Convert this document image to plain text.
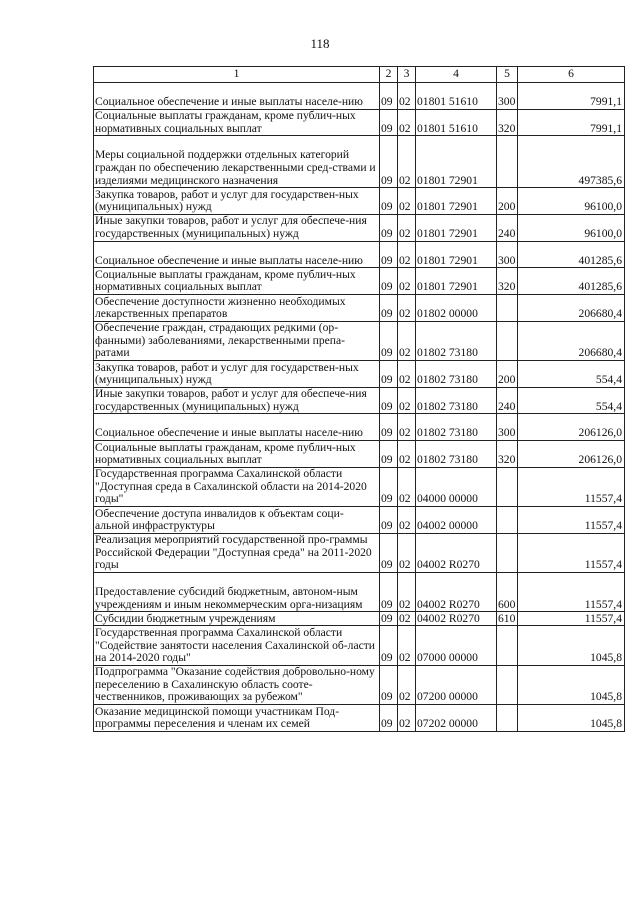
118
1	2	3	4	5	6
Социальное обеспечение и иные выплаты населе-нию	09	02	01801 51610	300	7991,1
Социальные выплаты гражданам, кроме публич-ных нормативных социальных выплат	09	02	01801 51610	320	7991,1
Меры социальной поддержки отдельных категорий граждан по обеспечению лекарственными сред-ствами и изделиями медицинского назначения	09	02	01801 72901		497385,6
Закупка товаров, работ и услуг для государствен-ных (муниципальных) нужд	09	02	01801 72901	200	96100,0
Иные закупки товаров, работ и услуг для обеспече-ния государственных (муниципальных) нужд	09	02	01801 72901	240	96100,0
Социальное обеспечение и иные выплаты населе-нию	09	02	01801 72901	300	401285,6
Социальные выплаты гражданам, кроме публич-ных нормативных социальных выплат	09	02	01801 72901	320	401285,6
Обеспечение доступности жизненно необходимых лекарственных препаратов	09	02	01802 00000		206680,4
Обеспечение граждан, страдающих редкими (ор-фанными) заболеваниями, лекарственными препа-ратами	09	02	01802 73180		206680,4
Закупка товаров, работ и услуг для государствен-ных (муниципальных) нужд	09	02	01802 73180	200	554,4
Иные закупки товаров, работ и услуг для обеспече-ния государственных (муниципальных) нужд	09	02	01802 73180	240	554,4
Социальное обеспечение и иные выплаты населе-нию	09	02	01802 73180	300	206126,0
Социальные выплаты гражданам, кроме публич-ных нормативных социальных выплат	09	02	01802 73180	320	206126,0
Государственная программа Сахалинской области "Доступная среда в Сахалинской области на 2014-2020 годы"	09	02	04000 00000		11557,4
Обеспечение доступа инвалидов к объектам соци-альной инфраструктуры	09	02	04002 00000		11557,4
Реализация мероприятий государственной про-граммы Российской Федерации "Доступная среда" на 2011-2020 годы	09	02	04002 R0270		11557,4
Предоставление субсидий бюджетным, автоном-ным учреждениям и иным некоммерческим орга-низациям	09	02	04002 R0270	600	11557,4
Субсидии бюджетным учреждениям	09	02	04002 R0270	610	11557,4
Государственная программа Сахалинской области "Содействие занятости населения Сахалинской об-ласти на 2014-2020 годы"	09	02	07000 00000		1045,8
Подпрограмма "Оказание содействия добровольно-ному переселению в Сахалинскую область соотe-чественников, проживающих за рубежом"	09	02	07200 00000		1045,8
Оказание медицинской помощи участникам Под-программы переселения и членам их семей	09	02	07202 00000		1045,8
